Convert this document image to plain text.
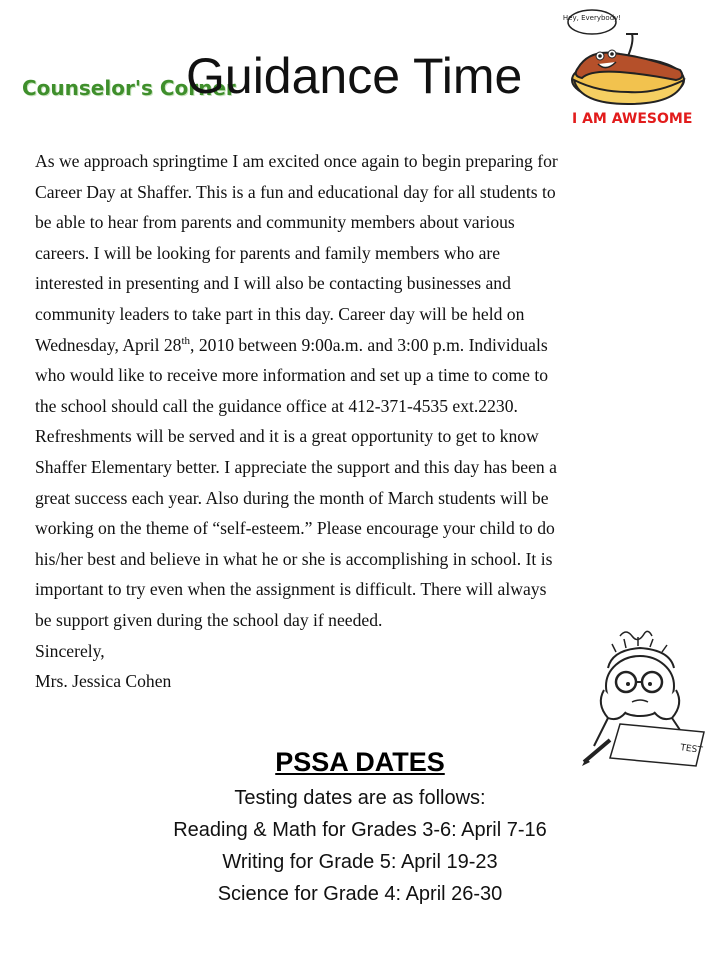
Counselor's Corner
Guidance Time
Hey, Everybody!
I AM AWESOME

As we approach springtime I am excited once again to begin preparing for

Career Day at Shaffer. This is a fun and educational day for all students to

be able to hear from parents and community members about various

careers. I will be looking for parents and family members who are

interested in presenting and I will also be contacting businesses and

community leaders to take part in this day. Career day will be held on

Wednesday, April 28th, 2010 between 9:00a.m. and 3:00 p.m. Individuals

who would like to receive more information and set up a time to come to

the school should call the guidance office at 412-371-4535 ext.2230.

Refreshments will be served and it is a great opportunity to get to know

Shaffer Elementary better. I appreciate the support and this day has been a

great success each year. Also during the month of March students will be

working on the theme of “self-esteem.” Please encourage your child to do

his/her best and believe in what he or she is accomplishing in school. It is

important to try even when the assignment is difficult. There will always

be support given during the school day if needed.

Sincerely,

Mrs. Jessica Cohen

TEST
PSSA DATES
Testing dates are as follows:
Reading & Math for Grades 3-6: April 7-16
Writing for Grade 5: April 19-23
Science for Grade 4: April 26-30
